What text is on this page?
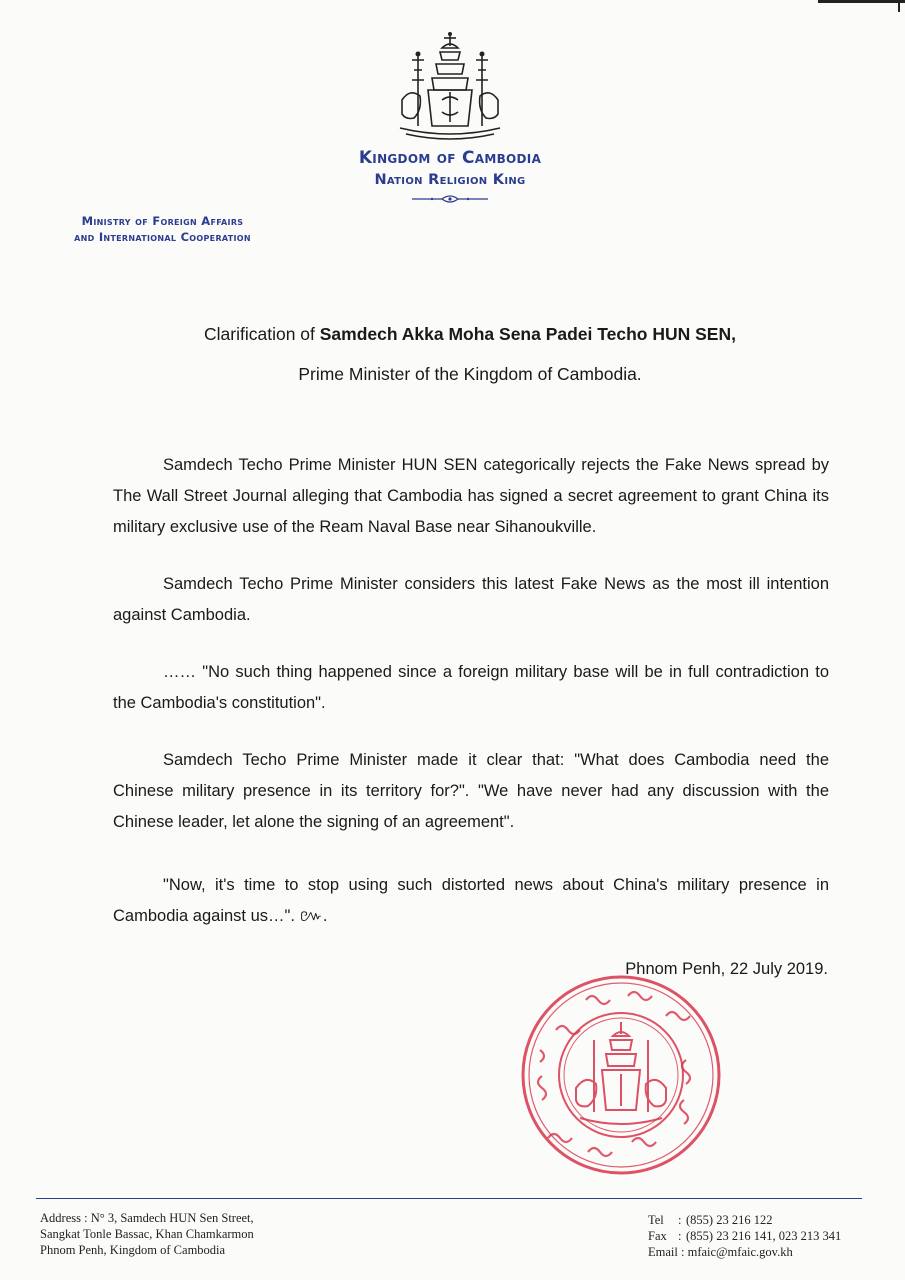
Kingdom of Cambodia
Nation Religion King
Ministry of Foreign Affairs
and International Cooperation
Clarification of Samdech Akka Moha Sena Padei Techo HUN SEN,
Prime Minister of the Kingdom of Cambodia.

Samdech Techo Prime Minister HUN SEN categorically rejects the Fake News spread by The Wall Street Journal alleging that Cambodia has signed a secret agreement to grant China its military exclusive use of the Ream Naval Base near Sihanoukville.

Samdech Techo Prime Minister considers this latest Fake News as the most ill intention against Cambodia.

…… "No such thing happened since a foreign military base will be in full contradiction to the Cambodia's constitution".

Samdech Techo Prime Minister made it clear that: "What does Cambodia need the Chinese military presence in its territory for?". "We have never had any discussion with the Chinese leader, let alone the signing of an agreement".

"Now, it's time to stop using such distorted news about China's military presence in Cambodia against us…". ៚.

Phnom Penh, 22 July 2019.
Address : N° 3, Samdech HUN Sen Street,
Sangkat Tonle Bassac, Khan Chamkarmon
Phnom Penh, Kingdom of Cambodia
Tel	: (855) 23 216 122
Fax : (855) 23 216 141, 023 213 341
Email : mfaic@mfaic.gov.kh
